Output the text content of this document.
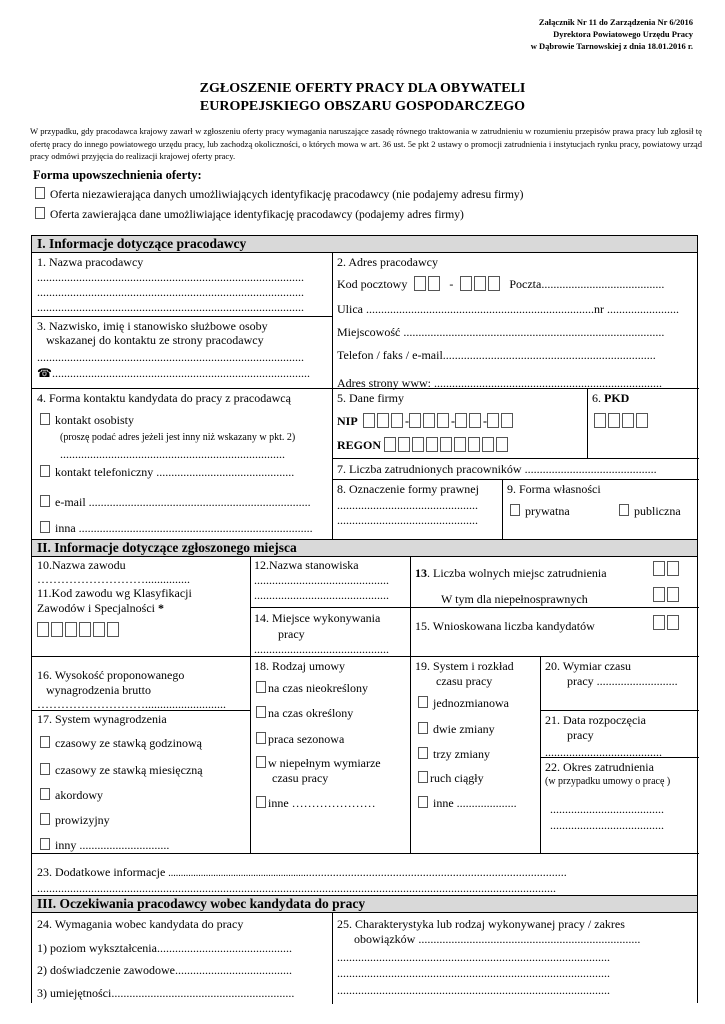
Załącznik Nr 11 do Zarządzenia Nr 6/2016
Dyrektora Powiatowego Urzędu Pracy
w Dąbrowie Tarnowskiej z dnia 18.01.2016 r.
ZGŁOSZENIE OFERTY PRACY DLA OBYWATELI
EUROPEJSKIEGO OBSZARU GOSPODARCZEGO
W przypadku, gdy pracodawca krajowy zawarł w zgłoszeniu oferty pracy wymagania naruszające zasadę równego traktowania w zatrudnieniu w rozumieniu przepisów prawa pracy lub zgłosił tę ofertę pracy do innego powiatowego urzędu pracy, lub zachodzą okoliczności, o których mowa w art. 36 ust. 5e pkt 2 ustawy o promocji zatrudnienia i instytucjach rynku pracy, powiatowy urząd pracy odmówi przyjęcia do realizacji krajowej oferty pracy.
Forma upowszechnienia oferty:
Oferta niezawierająca danych umożliwiających identyfikację pracodawcy (nie podajemy adresu firmy)
Oferta zawierająca dane umożliwiające identyfikację pracodawcy (podajemy adres firmy)
I. Informacje dotyczące pracodawcy
1. Nazwa pracodawcy
.........................................................................................
.........................................................................................
.........................................................................................
3. Nazwisko, imię i stanowisko służbowe osoby
wskazanej do kontaktu ze strony pracodawcy
.........................................................................................
☎......................................................................................
4. Forma kontaktu kandydata do pracy z pracodawcą
kontakt osobisty
(proszę podać adres jeżeli jest inny niż wskazany w pkt. 2)
...........................................................................
kontakt telefoniczny ..............................................
e-mail ..........................................................................
inna ..............................................................................
2. Adres pracodawcy
Kod pocztowy	-	Poczta.........................................
Ulica ............................................................................nr ........................
Miejscowość .......................................................................................
Telefon / faks / e-mail.......................................................................
Adres strony www: ............................................................................
5. Dane firmy
NIP	-	- -
REGON
6. PKD
7. Liczba zatrudnionych pracowników ............................................
8. Oznaczenie formy prawnej
...............................................
...............................................
9. Forma własności
prywatna	publiczna
II. Informacje dotyczące zgłoszonego miejsca
10.Nazwa zawodu
………………………...............
11.Kod zawodu wg Klasyfikacji
Zawodów i Specjalności *
12.Nazwa stanowiska
.............................................
.............................................
14. Miejsce wykonywania
pracy
.............................................
13. Liczba wolnych miejsc zatrudnienia
W tym dla niepełnosprawnych
15. Wnioskowana liczba kandydatów
16. Wysokość proponowanego
wynagrodzenia brutto
………………………...........................
17. System wynagrodzenia
czasowy ze stawką godzinową
czasowy ze stawką miesięczną
akordowy
prowizyjny
inny ..............................
18. Rodzaj umowy
na czas nieokreślony
na czas określony
praca sezonowa
w niepełnym wymiarze
czasu pracy
inne …………………
19. System i rozkład
czasu pracy
jednozmianowa
dwie zmiany
trzy zmiany
ruch ciągły
inne ....................
20. Wymiar czasu
pracy ...........................
21. Data rozpoczęcia
pracy
.......................................
22. Okres zatrudnienia
(w przypadku umowy o pracę )
......................................
......................................
23. Dodatkowe informacje ..............................................................................................................................................
.............................................................................................................................................................................
III. Oczekiwania pracodawcy wobec kandydata do pracy
24. Wymagania wobec kandydata do pracy
1) poziom wykształcenia.............................................
2) doświadczenie zawodowe.......................................
3) umiejętności.............................................................
25. Charakterystyka lub rodzaj wykonywanej pracy / zakres
obowiązków ..........................................................................
...........................................................................................
...........................................................................................
...........................................................................................
